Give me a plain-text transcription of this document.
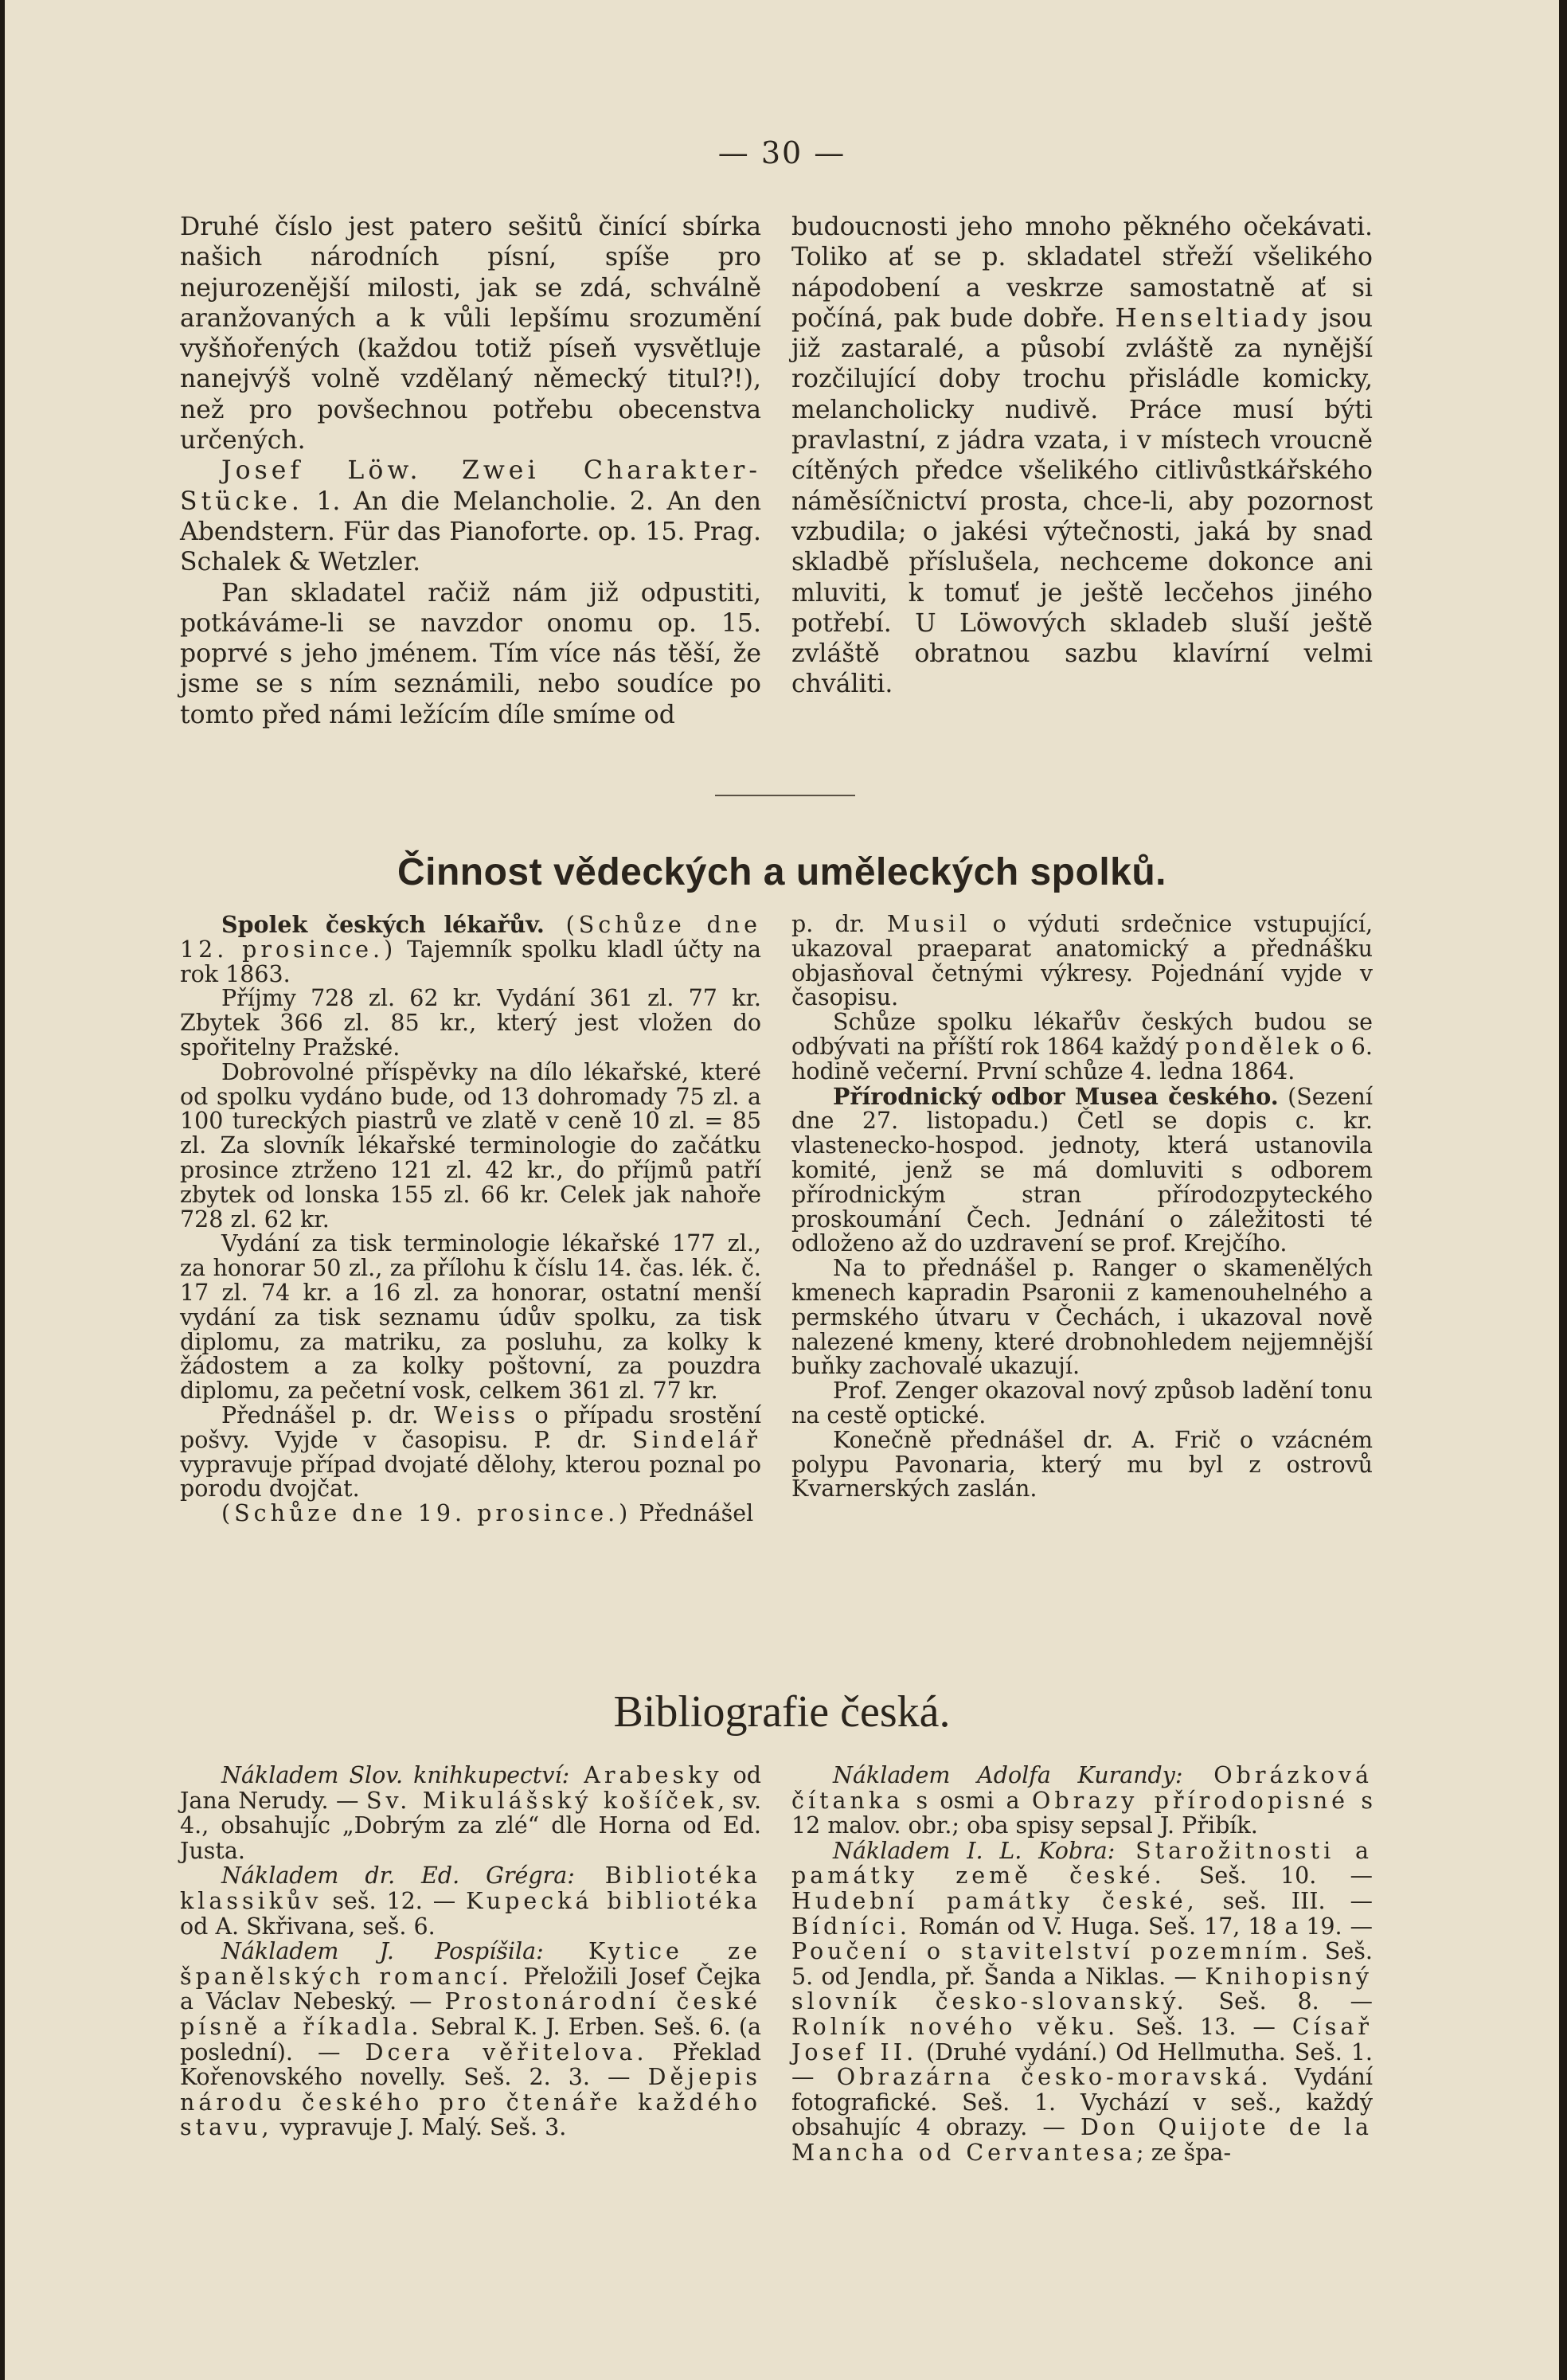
— 30 —

Druhé číslo jest patero sešitů činící sbírka našich národních písní, spíše pro nejurozenější milosti, jak se zdá, schválně aranžovaných a k vůli lepšímu srozumění vyšňořených (každou totiž píseň vysvětluje nanejvýš volně vzdělaný německý titul?!), než pro povšechnou potřebu obecenstva určených.

Josef Löw. Zwei Charakter-Stücke. 1. An die Melancholie. 2. An den Abendstern. Für das Pianoforte. op. 15. Prag. Schalek & Wetzler.

Pan skladatel račiž nám již odpustiti, potkáváme-li se navzdor onomu op. 15. poprvé s jeho jménem. Tím více nás těší, že jsme se s ním seznámili, nebo soudíce po tomto před námi ležícím díle smíme od

budoucnosti jeho mnoho pěkného očekávati. Toliko ať se p. skladatel střeží všelikého nápodobení a veskrze samostatně ať si počíná, pak bude dobře. Henseltiady jsou již zastaralé, a působí zvláště za nynější rozčilující doby trochu přisládle komicky, melancholicky nudivě. Práce musí býti pravlastní, z jádra vzata, i v místech vroucně cítěných předce všelikého citlivůstkářského náměsíčnictví prosta, chce-li, aby pozornost vzbudila; o jakési výtečnosti, jaká by snad skladbě příslušela, nechceme dokonce ani mluviti, k tomuť je ještě lecčehos jiného potřebí. U Löwových skladeb sluší ještě zvláště obratnou sazbu klavírní velmi chváliti.

Činnost vědeckých a uměleckých spolků.

Spolek českých lékařův. (Schůze dne 12. prosince.) Tajemník spolku kladl účty na rok 1863.

Příjmy 728 zl. 62 kr. Vydání 361 zl. 77 kr. Zbytek 366 zl. 85 kr., který jest vložen do spořitelny Pražské.

Dobrovolné příspěvky na dílo lékařské, které od spolku vydáno bude, od 13 dohromady 75 zl. a 100 tureckých piastrů ve zlatě v ceně 10 zl. = 85 zl. Za slovník lékařské terminologie do začátku prosince ztrženo 121 zl. 42 kr., do příjmů patří zbytek od lonska 155 zl. 66 kr. Celek jak nahoře 728 zl. 62 kr.

Vydání za tisk terminologie lékařské 177 zl., za honorar 50 zl., za přílohu k číslu 14. čas. lék. č. 17 zl. 74 kr. a 16 zl. za honorar, ostatní menší vydání za tisk seznamu údův spolku, za tisk diplomu, za matriku, za posluhu, za kolky k žádostem a za kolky poštovní, za pouzdra diplomu, za pečetní vosk, celkem 361 zl. 77 kr.

Přednášel p. dr. Weiss o případu srostění pošvy. Vyjde v časopisu. P. dr. Sindelář vypravuje případ dvojaté dělohy, kterou poznal po porodu dvojčat.

(Schůze dne 19. prosince.) Přednášel

p. dr. Musil o výduti srdečnice vstupující, ukazoval praeparat anatomický a přednášku objasňoval četnými výkresy. Pojednání vyjde v časopisu.

Schůze spolku lékařův českých budou se odbývati na příští rok 1864 každý pondělek o 6. hodině večerní. První schůze 4. ledna 1864.

Přírodnický odbor Musea českého. (Sezení dne 27. listopadu.) Četl se dopis c. kr. vlastenecko-hospod. jednoty, která ustanovila komité, jenž se má domluviti s odborem přírodnickým stran přírodozpyteckého proskoumání Čech. Jednání o záležitosti té odloženo až do uzdravení se prof. Krejčího.

Na to přednášel p. Ranger o skamenělých kmenech kapradin Psaronii z kamenouhelného a permského útvaru v Čechách, i ukazoval nově nalezené kmeny, které drobnohledem nejjemnější buňky zachovalé ukazují.

Prof. Zenger okazoval nový způsob ladění tonu na cestě optické.

Konečně přednášel dr. A. Frič o vzácném polypu Pavonaria, který mu byl z ostrovů Kvarnerských zaslán.

Bibliografie česká.

Nákladem Slov. knihkupectví: Arabesky od Jana Nerudy. — Sv. Mikulášský košíček, sv. 4., obsahujíc „Dobrým za zlé“ dle Horna od Ed. Justa.

Nákladem dr. Ed. Grégra: Bibliotéka klassikův seš. 12. — Kupecká bibliotéka od A. Skřivana, seš. 6.

Nákladem J. Pospíšila: Kytice ze španělských romancí. Přeložili Josef Čejka a Václav Nebeský. — Prostonárodní české písně a říkadla. Sebral K. J. Erben. Seš. 6. (a poslední). — Dcera věřitelova. Překlad Kořenovského novelly. Seš. 2. 3. — Dějepis národu českého pro čtenáře každého stavu, vypravuje J. Malý. Seš. 3.

Nákladem Adolfa Kurandy: Obrázková čítanka s osmi a Obrazy přírodopisné s 12 malov. obr.; oba spisy sepsal J. Přibík.

Nákladem I. L. Kobra: Starožitnosti a památky země české. Seš. 10. — Hudební památky české, seš. III. — Bídníci. Román od V. Huga. Seš. 17, 18 a 19. — Poučení o stavitelství pozemním. Seš. 5. od Jendla, př. Šanda a Niklas. — Knihopisný slovník česko-slovanský. Seš. 8. — Rolník nového věku. Seš. 13. — Císař Josef II. (Druhé vydání.) Od Hellmutha. Seš. 1. — Obrazárna česko-moravská. Vydání fotografické. Seš. 1. Vychází v seš., každý obsahujíc 4 obrazy. — Don Quijote de la Mancha od Cervantesa; ze špa-
